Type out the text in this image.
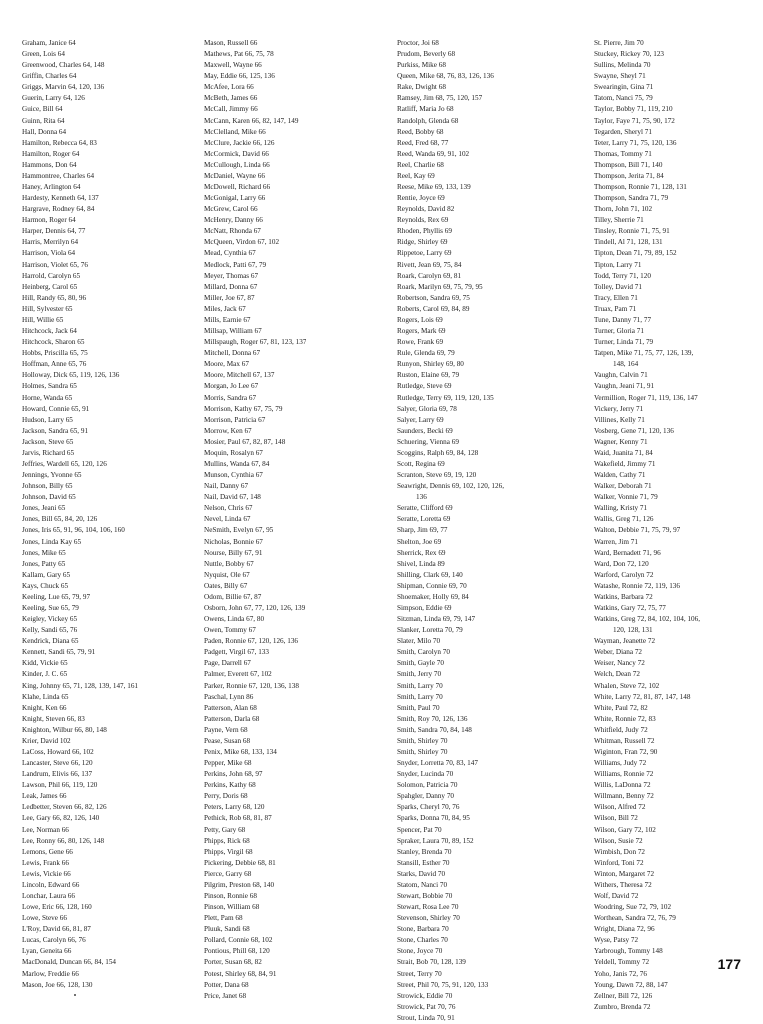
Graham, Janice 64
Green, Lois 64
Greenwood, Charles 64, 148
Griffin, Charles 64
Griggs, Marvin 64, 120, 136
Guerin, Larry 64, 126
Guice, Bill 64
Guinn, Rita 64
Hall, Donna 64
Hamilton, Rebecca 64, 83
Hamilton, Roger 64
Hammons, Don 64
Hammontree, Charles 64
Haney, Arlington 64
Hardesty, Kenneth 64, 137
Hargrave, Rodney 64, 84
Harmon, Roger 64
Harper, Dennis 64, 77
Harris, Merrilyn 64
Harrison, Viola 64
Harrison, Violet 65, 76
Harrold, Carolyn 65
Heinberg, Carol 65
Hill, Randy 65, 80, 96
Hill, Sylvester 65
Hill, Willie 65
Hitchcock, Jack 64
Hitchcock, Sharon 65
Hobbs, Priscilla 65, 75
Hoffman, Anne 65, 76
Holloway, Dick 65, 119, 126, 136
Holmes, Sandra 65
Horne, Wanda 65
Howard, Connie 65, 91
Hudson, Larry 65
Jackson, Sandra 65, 91
Jackson, Steve 65
Jarvis, Richard 65
Jeffries, Wardell 65, 120, 126
Jennings, Yvonne 65
Johnson, Billy 65
Johnson, David 65
Jones, Jeani 65
Jones, Bill 65, 84, 20, 126
Jones, Iris 65, 91, 96, 104, 106, 160
Jones, Linda Kay 65
Jones, Mike 65
Jones, Patty 65
Kallam, Gary 65
Kays, Chuck 65
Keeling, Lue 65, 79, 97
Keeling, Sue 65, 79
Keigley, Vickey 65
Kelly, Sandi 65, 76
Kendrick, Diana 65
Kennett, Sandi 65, 79, 91
Kidd, Vickie 65
Kinder, J. C. 65
King, Johnny 65, 71, 128, 139, 147, 161
Klahe, Linda 65
Knight, Ken 66
Knight, Steven 66, 83
Knighton, Wilbur 66, 80, 148
Krier, David 102
LaCoss, Howard 66, 102
Lancaster, Steve 66, 120
Landrum, Elivis 66, 137
Lawson, Phil 66, 119, 120
Leak, James 66
Ledbetter, Steven 66, 82, 126
Lee, Gary 66, 82, 126, 140
Lee, Norman 66
Lee, Ronny 66, 80, 126, 148
Lemons, Gene 66
Lewis, Frank 66
Lewis, Vickie 66
Lincoln, Edward 66
Lonchar, Laura 66
Lowe, Eric 66, 128, 160
Lowe, Steve 66
L'Roy, David 66, 81, 87
Lucas, Carolyn 66, 76
Lyan, Geneita 66
MacDonald, Duncan 66, 84, 154
Marlow, Freddie 66
Mason, Joe 66, 128, 130
Mason, Russell 66
Mathews, Pat 66, 75, 78
Maxwell, Wayne 66
May, Eddie 66, 125, 136
McAfee, Lora 66
McBeth, James 66
McCall, Jimmy 66
McCann, Karen 66, 82, 147, 149
McClelland, Mike 66
McClure, Jackie 66, 126
McCormick, David 66
McCullough, Linda 66
McDaniel, Wayne 66
McDowell, Richard 66
McGonigal, Larry 66
McGrew, Carol 66
McHenry, Danny 66
McNatt, Rhonda 67
McQueen, Virdon 67, 102
Mead, Cynthia 67
Medlock, Patti 67, 79
Meyer, Thomas 67
Millard, Donna 67
Miller, Joe 67, 87
Miles, Jack 67
Mills, Earnie 67
Millsap, William 67
Millspaugh, Roger 67, 81, 123, 137
Mitchell, Donna 67
Moore, Max 67
Moore, Mitchell 67, 137
Morgan, Jo Lee 67
Morris, Sandra 67
Morrison, Kathy 67, 75, 79
Morrison, Patricia 67
Morrow, Ken 67
Mosier, Paul 67, 82, 87, 148
Moquin, Rosalyn 67
Mullins, Wanda 67, 84
Munson, Cynthia 67
Nail, Danny 67
Nail, David 67, 148
Nelson, Chris 67
Nevel, Linda 67
NeSmith, Evelyn 67, 95
Nicholas, Bonnie 67
Nourse, Billy 67, 91
Nuttle, Bobby 67
Nyquist, Ole 67
Oates, Billy 67
Odom, Billie 67, 87
Osborn, John 67, 77, 120, 126, 139
Owens, Linda 67, 80
Owen, Tommy 67
Paden, Ronnie 67, 120, 126, 136
Padgett, Virgil 67, 133
Page, Darrell 67
Palmer, Everett 67, 102
Parker, Ronnie 67, 120, 136, 138
Paschal, Lynn 86
Patterson, Alan 68
Patterson, Darla 68
Payne, Vern 68
Pease, Susan 68
Penix, Mike 68, 133, 134
Pepper, Mike 68
Perkins, John 68, 97
Perkins, Kathy 68
Perry, Doris 68
Peters, Larry 68, 120
Pethick, Rob 68, 81, 87
Petty, Gary 68
Phipps, Rick 68
Phipps, Virgil 68
Pickering, Debbie 68, 81
Pierce, Garry 68
Pilgrim, Preston 68, 140
Pinson, Ronnie 68
Pinson, William 68
Plett, Pam 68
Pluuk, Sandi 68
Pollard, Connie 68, 102
Pontious, Phill 68, 120
Porter, Susan 68, 82
Potest, Shirley 68, 84, 91
Potter, Dana 68
Price, Janet 68
Proctor, Joi 68
Prudom, Beverly 68
Purkiss, Mike 68
Queen, Mike 68, 76, 83, 126, 136
Rake, Dwight 68
Ramsey, Jim 68, 75, 120, 157
Ratliff, Maria Jo 68
Randolph, Glenda 68
Reed, Bobby 68
Reed, Fred 68, 77
Reed, Wanda 69, 91, 102
Reel, Charlie 68
Reel, Kay 69
Reese, Mike 69, 133, 139
Rentie, Joyce 69
Reynolds, David 82
Reynolds, Rex 69
Rhoden, Phyllis 69
Ridge, Shirley 69
Rippetoe, Larry 69
Rivett, Jean 69, 75, 84
Roark, Carolyn 69, 81
Roark, Marilyn 69, 75, 79, 95
Robertson, Sandra 69, 75
Roberts, Carol 69, 84, 89
Rogers, Lois 69
Rogers, Mark 69
Rowe, Frank 69
Rule, Glenda 69, 79
Runyon, Shirley 69, 80
Ruston, Elaine 69, 79
Rutledge, Steve 69
Rutledge, Terry 69, 119, 120, 135
Salyer, Gloria 69, 78
Salyer, Larry 69
Saunders, Becki 69
Schuering, Vienna 69
Scoggins, Ralph 69, 84, 128
Scott, Regina 69
Scranton, Steve 69, 19, 120
Seawright, Dennis 69, 102, 120, 126,
136
Seratte, Clifford 69
Seratte, Loretta 69
Sharp, Jim 69, 77
Shelton, Joe 69
Sherrick, Rex 69
Shivel, Linda 89
Shilling, Clark 69, 140
Shipman, Connie 69, 70
Shoemaker, Holly 69, 84
Simpson, Eddie 69
Sitzman, Linda 69, 79, 147
Slanker, Loretta 70, 79
Slater, Milo 70
Smith, Carolyn 70
Smith, Gayle 70
Smith, Jerry 70
Smith, Larry 70
Smith, Larry 70
Smith, Paul 70
Smith, Roy 70, 126, 136
Smith, Sandra 70, 84, 148
Smith, Shirley 70
Smith, Shirley 70
Snyder, Lorretta 70, 83, 147
Snyder, Lucinda 70
Solomon, Patricia 70
Spahgler, Danny 70
Sparks, Cheryl 70, 76
Sparks, Donna 70, 84, 95
Spencer, Pat 70
Spraker, Laura 70, 89, 152
Stanley, Brenda 70
Stansill, Esther 70
Starks, David 70
Statom, Nanci 70
Stewart, Bobbie 70
Stewart, Rosa Lee 70
Stevenson, Shirley 70
Stone, Barbara 70
Stone, Charles 70
Stone, Joyce 70
Strait, Bob 70, 128, 139
Street, Terry 70
Street, Phil 70, 75, 91, 120, 133
Strowick, Eddie 70
Strowick, Pat 70, 76
Strout, Linda 70, 91
St. Pierre, Jim 70
Stuckey, Rickey 70, 123
Sullins, Melinda 70
Swayne, Sheyl 71
Swearingin, Gina 71
Tatom, Nanci 75, 79
Taylor, Bobby 71, 119, 210
Taylor, Faye 71, 75, 90, 172
Tegarden, Sheryl 71
Teter, Larry 71, 75, 120, 136
Thomas, Tommy 71
Thompson, Bill 71, 140
Thompson, Jerita 71, 84
Thompson, Ronnie 71, 128, 131
Thompson, Sandra 71, 79
Thorn, John 71, 102
Tilley, Sherrie 71
Tinsley, Ronnie 71, 75, 91
Tindell, Al 71, 128, 131
Tipton, Dean 71, 79, 89, 152
Tipton, Larry 71
Todd, Terry 71, 120
Tolley, David 71
Tracy, Ellen 71
Truax, Pam 71
Tune, Danny 71, 77
Turner, Gloria 71
Turner, Linda 71, 79
Tatpen, Mike 71, 75, 77, 126, 139,
148, 164
Vaughn, Calvin 71
Vaughn, Jeani 71, 91
Vermillion, Roger 71, 119, 136, 147
Vickery, Jerry 71
Villines, Kelly 71
Vosberg, Gene 71, 120, 136
Wagner, Kenny 71
Waid, Juanita 71, 84
Wakefield, Jimmy 71
Walden, Cathy 71
Walker, Deborah 71
Walker, Vonnie 71, 79
Walling, Kristy 71
Wallis, Greg 71, 126
Walton, Debbie 71, 75, 79, 97
Warren, Jim 71
Ward, Bernadett 71, 96
Ward, Don 72, 120
Warford, Carolyn 72
Watashe, Ronnie 72, 119, 136
Watkins, Barbara 72
Watkins, Gary 72, 75, 77
Watkins, Greg 72, 84, 102, 104, 106,
120, 128, 131
Wayman, Jeanette 72
Weber, Diana 72
Weiser, Nancy 72
Welch, Dean 72
Whalen, Steve 72, 102
White, Larry 72, 81, 87, 147, 148
White, Paul 72, 82
White, Ronnie 72, 83
Whitfield, Judy 72
Whitman, Russell 72
Wiginton, Fran 72, 90
Williams, Judy 72
Williams, Ronnie 72
Willis, LaDonna 72
Willmann, Benny 72
Wilson, Alfred 72
Wilson, Bill 72
Wilson, Gary 72, 102
Wilson, Susie 72
Wimbish, Don 72
Winford, Toni 72
Winton, Margaret 72
Withers, Theresa 72
Wolf, David 72
Woodring, Sue 72, 79, 102
Worthean, Sandra 72, 76, 79
Wright, Diana 72, 96
Wyse, Patsy 72
Yarbrough, Tommy 148
Yeldell, Tommy 72
Yoho, Janis 72, 76
Young, Dawn 72, 88, 147
Zellner, Bill 72, 126
Zumbro, Brenda 72
177
